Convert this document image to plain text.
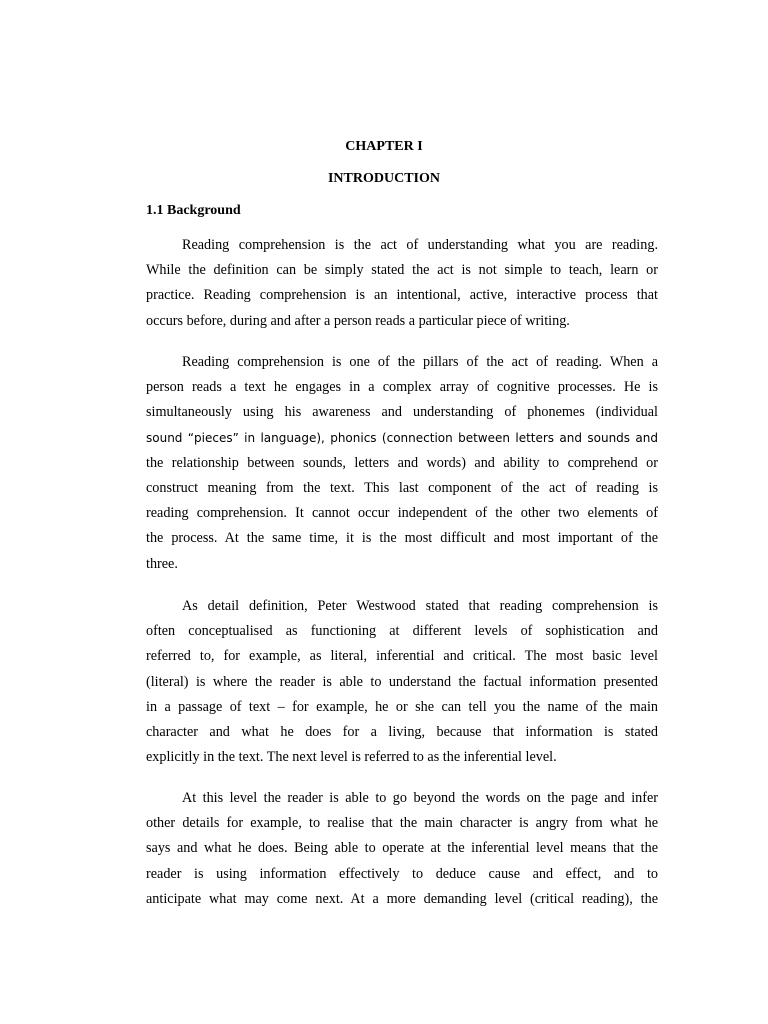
CHAPTER I
INTRODUCTION
1.1 Background
Reading comprehension is the act of understanding what you are reading.
While the definition can be simply stated the act is not simple to teach, learn or
practice. Reading comprehension is an intentional, active, interactive process that
occurs before, during and after a person reads a particular piece of writing.
Reading comprehension is one of the pillars of the act of reading. When a
person reads a text he engages in a complex array of cognitive processes. He is
simultaneously using his awareness and understanding of phonemes (individual
sound “pieces” in language), phonics (connection between letters and sounds and
the relationship between sounds, letters and words) and ability to comprehend or
construct meaning from the text. This last component of the act of reading is
reading comprehension. It cannot occur independent of the other two elements of
the process. At the same time, it is the most difficult and most important of the
three.
As detail definition, Peter Westwood stated that reading comprehension is
often conceptualised as functioning at different levels of sophistication and
referred to, for example, as literal, inferential and critical. The most basic level
(literal) is where the reader is able to understand the factual information presented
in a passage of text – for example, he or she can tell you the name of the main
character and what he does for a living, because that information is stated
explicitly in the text. The next level is referred to as the inferential level.
At this level the reader is able to go beyond the words on the page and infer
other details for example, to realise that the main character is angry from what he
says and what he does. Being able to operate at the inferential level means that the
reader is using information effectively to deduce cause and effect, and to
anticipate what may come next. At a more demanding level (critical reading), the
